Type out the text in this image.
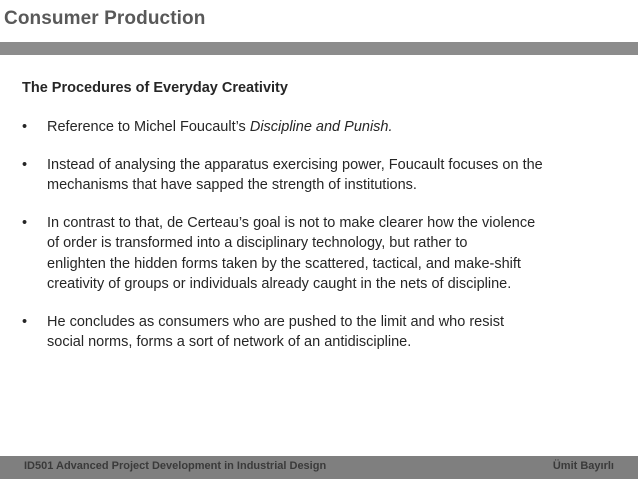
Consumer Production
The Procedures of Everyday Creativity
• Reference to Michel Foucault’s Discipline and Punish.
• Instead of analysing the apparatus exercising power, Foucault focuses on the
mechanisms that have sapped the strength of institutions.
• In contrast to that, de Certeau’s goal is not to make clearer how the violence
of order is transformed into a disciplinary technology, but rather to
enlighten the hidden forms taken by the scattered, tactical, and make-shift
creativity of groups or individuals already caught in the nets of discipline.
• He concludes as consumers who are pushed to the limit and who resist
social norms, forms a sort of network of an antidiscipline.
ID501 Advanced Project Development in Industrial Design	Ümit Bayırlı
